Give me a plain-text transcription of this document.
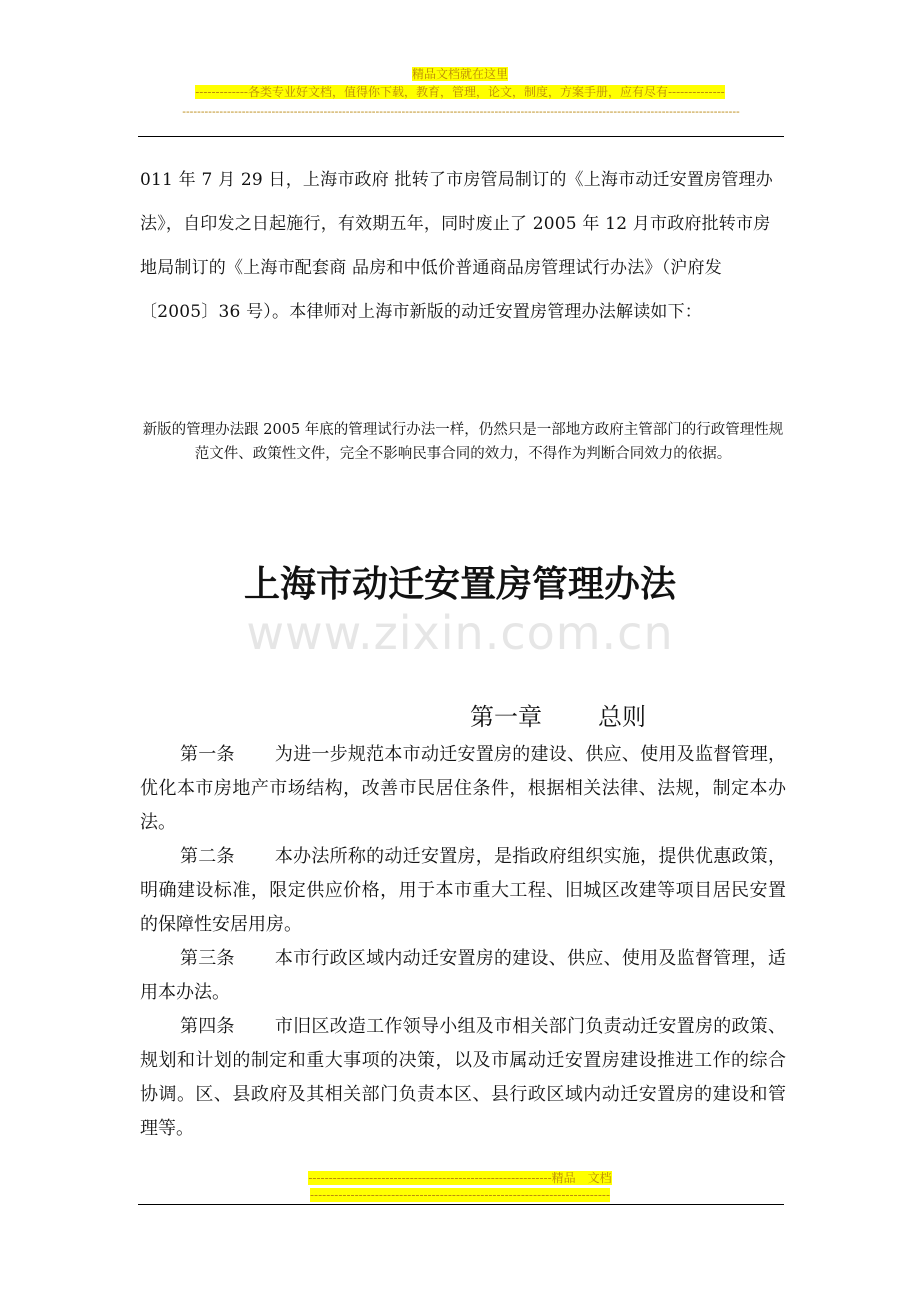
精品文档就在这里
-------------各类专业好文档，值得你下载，教育，管理，论文，制度，方案手册，应有尽有--------------
------------------------------------------------------------------------------------------------------------------------------------------------------
011 年 7 月 29 日，上海市政府 批转了市房管局制订的《上海市动迁安置房管理办法》，自印发之日起施行，有效期五年，同时废止了 2005 年 12 月市政府批转市房地局制订的《上海市配套商 品房和中低价普通商品房管理试行办法》（沪府发〔2005〕36 号）。本律师对上海市新版的动迁安置房管理办法解读如下：
新版的管理办法跟 2005 年底的管理试行办法一样，仍然只是一部地方政府主管部门的行政管理性规范文件、政策性文件，完全不影响民事合同的效力，不得作为判断合同效力的依据。
上海市动迁安置房管理办法
www.zixin.com.cn
第一章 总则

第一条 为进一步规范本市动迁安置房的建设、供应、使用及监督管理，优化本市房地产市场结构，改善市民居住条件，根据相关法律、法规，制定本办法。

第二条 本办法所称的动迁安置房，是指政府组织实施，提供优惠政策，明确建设标准，限定供应价格，用于本市重大工程、旧城区改建等项目居民安置的保障性安居用房。

第三条 本市行政区域内动迁安置房的建设、供应、使用及监督管理，适用本办法。

第四条 市旧区改造工作领导小组及市相关部门负责动迁安置房的政策、规划和计划的制定和重大事项的决策，以及市属动迁安置房建设推进工作的综合协调。区、县政府及其相关部门负责本区、县行政区域内动迁安置房的建设和管理等。

------------------------------------------------------------精品　文档
--------------------------------------------------------------------------
